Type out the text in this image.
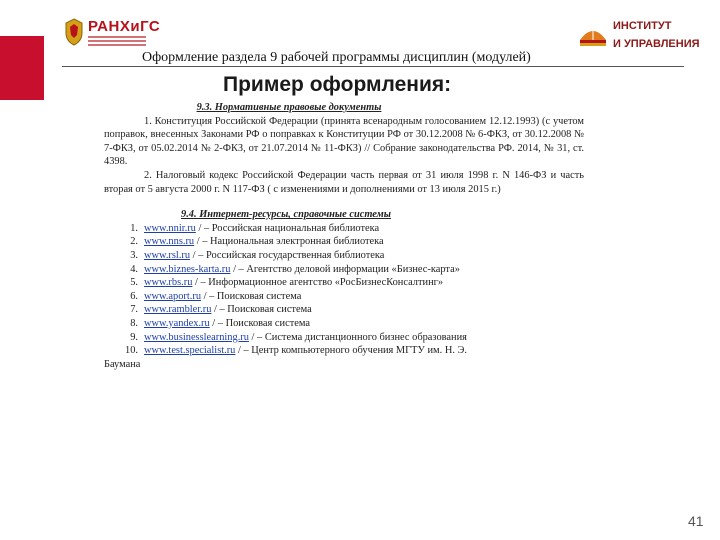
РАНХиГС	ИНСТИТУТ

И УПРАВЛЕНИЯ
Оформление раздела 9 рабочей программы дисциплин (модулей)
Пример оформления:
9.3. Нормативные правовые документы
1. Конституция Российской Федерации (принята всенародным голосованием 12.12.1993) (с учетом поправок, внесенных Законами РФ о поправках к Конституции РФ от 30.12.2008 № 6-ФКЗ, от 30.12.2008 № 7-ФКЗ, от 05.02.2014 № 2-ФКЗ, от 21.07.2014 № 11-ФКЗ) // Собрание законодательства РФ. 2014, № 31, ст. 4398.
2. Налоговый кодекс Российской Федерации часть первая от 31 июля 1998 г. N 146-ФЗ и часть вторая от 5 августа 2000 г. N 117-ФЗ ( с изменениями и дополнениями от 13 июля 2015 г.)
9.4. Интернет-ресурсы, справочные системы
1. www.nnir.ru / – Российская национальная библиотека
2. www.nns.ru / – Национальная электронная библиотека
3. www.rsl.ru / – Российская государственная библиотека
4. www.biznes-karta.ru / – Агентство деловой информации «Бизнес-карта»
5. www.rbs.ru / – Информационное агентство «РосБизнесКонсалтинг»
6. www.aport.ru / – Поисковая система
7. www.rambler.ru / – Поисковая система
8. www.yandex.ru / – Поисковая система
9. www.businesslearning.ru / – Система дистанционного бизнес образования
10. www.test.specialist.ru / – Центр компьютерного обучения МГТУ им. Н. Э.
Баумана
41
